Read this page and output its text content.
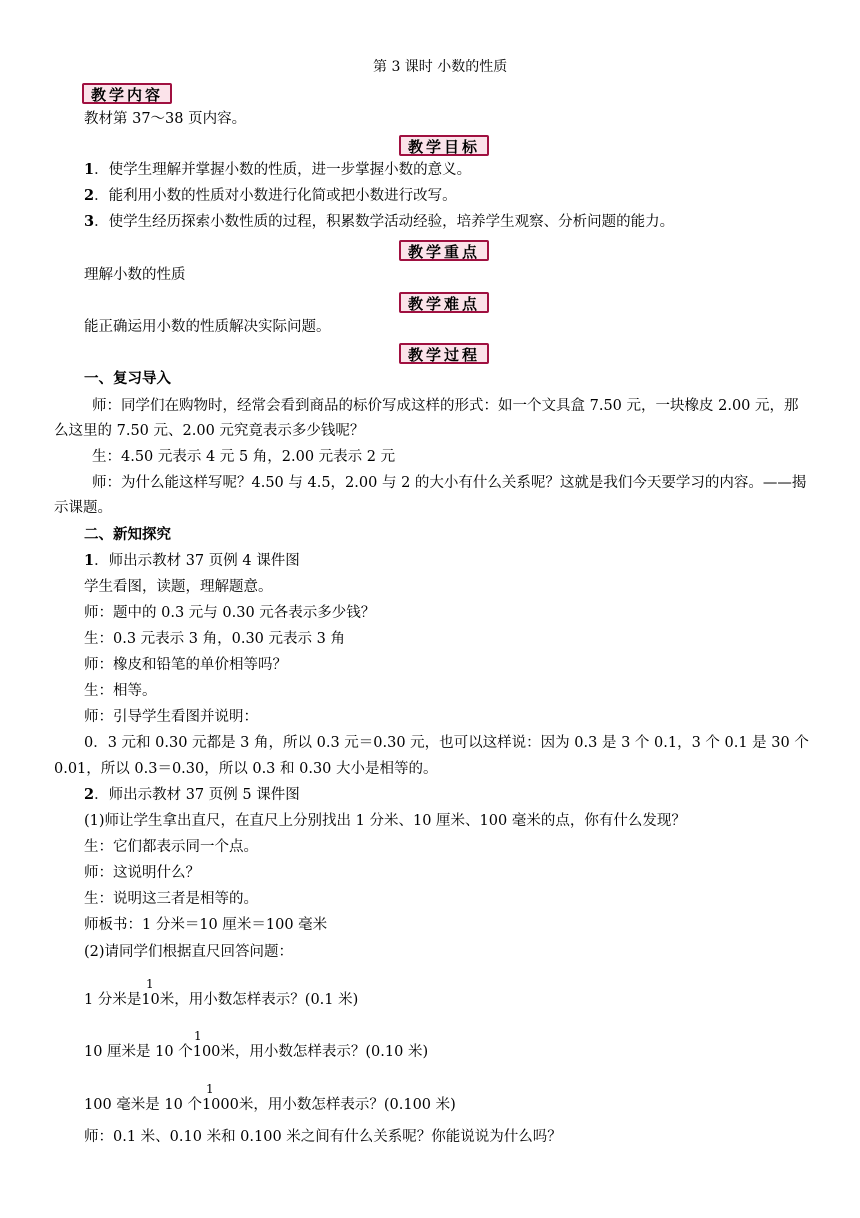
第 3 课时 小数的性质
教学内容
教材第 37～38 页内容。
教学目标
1．使学生理解并掌握小数的性质，进一步掌握小数的意义。
2．能利用小数的性质对小数进行化简或把小数进行改写。
3．使学生经历探索小数性质的过程，积累数学活动经验，培养学生观察、分析问题的能力。
教学重点
理解小数的性质
教学难点
能正确运用小数的性质解决实际问题。
教学过程
一、复习导入
师：同学们在购物时，经常会看到商品的标价写成这样的形式：如一个文具盒 7.50 元，一块橡皮 2.00 元，那
么这里的 7.50 元、2.00 元究竟表示多少钱呢？
生：4.50 元表示 4 元 5 角，2.00 元表示 2 元
师：为什么能这样写呢？4.50 与 4.5，2.00 与 2 的大小有什么关系呢？这就是我们今天要学习的内容。——揭
示课题。
二、新知探究
1．师出示教材 37 页例 4 课件图
学生看图，读题，理解题意。
师：题中的 0.3 元与 0.30 元各表示多少钱？
生：0.3 元表示 3 角，0.30 元表示 3 角
师：橡皮和铅笔的单价相等吗？
生：相等。
师：引导学生看图并说明：
0．3 元和 0.30 元都是 3 角，所以 0.3 元＝0.30 元，也可以这样说：因为 0.3 是 3 个 0.1，3 个 0.1 是 30 个
0.01，所以 0.3＝0.30，所以 0.3 和 0.30 大小是相等的。
2．师出示教材 37 页例 5 课件图
(1)师让学生拿出直尺，在直尺上分别找出 1 分米、10 厘米、100 毫米的点，你有什么发现？
生：它们都表示同一个点。
师：这说明什么？
生：说明这三者是相等的。
师板书：1 分米＝10 厘米＝100 毫米
(2)请同学们根据直尺回答问题：
1
1 分米是10米，用小数怎样表示？(0.1 米)
1
10 厘米是 10 个100米，用小数怎样表示？(0.10 米)
1
100 毫米是 10 个1000米，用小数怎样表示？(0.100 米)
师：0.1 米、0.10 米和 0.100 米之间有什么关系呢？你能说说为什么吗？
